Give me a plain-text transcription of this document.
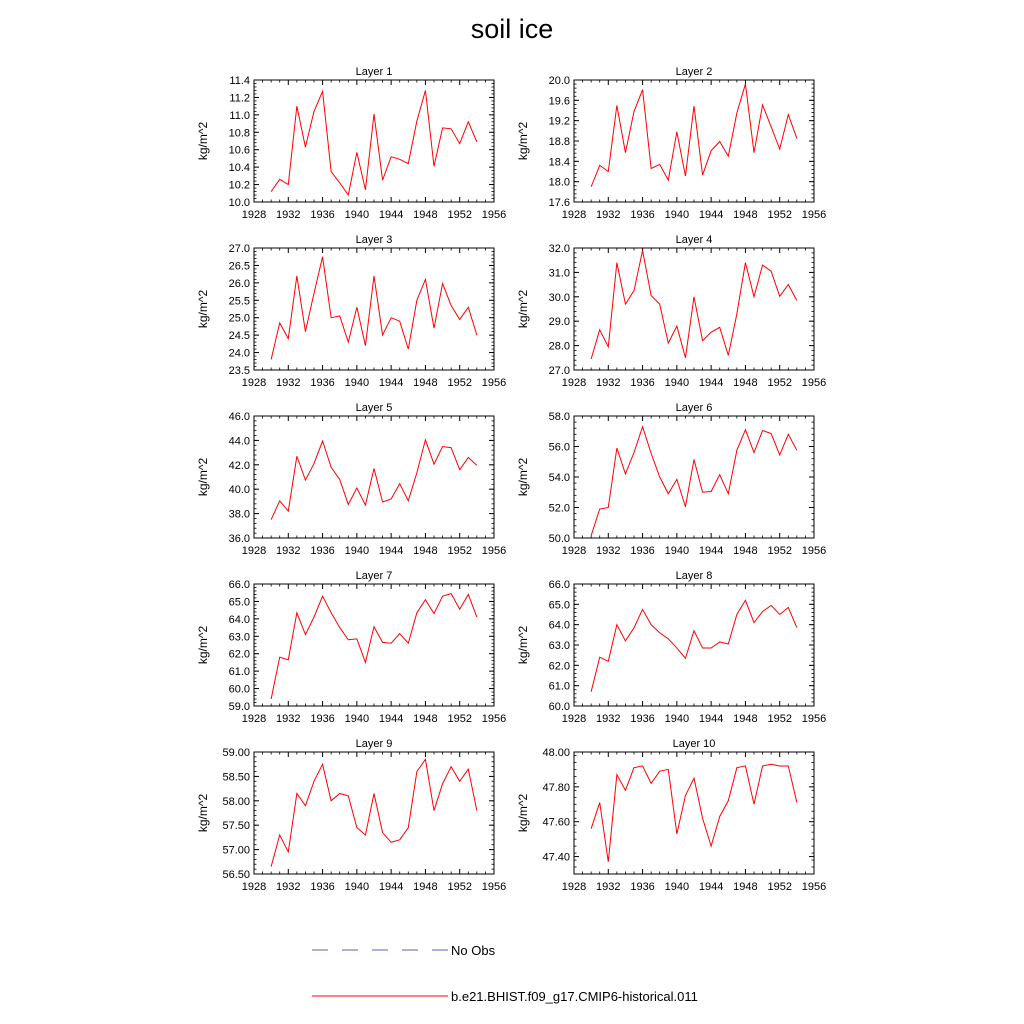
soil ice
Layer 1
1928 1932 1936 1940 1944 1948 1952 1956
10.0
10.2
10.4
10.6
10.8
11.0
11.2
11.4
kg/m^2
Layer 2
1928 1932 1936 1940 1944 1948 1952 1956
17.6
18.0
18.4
18.8
19.2
19.6
20.0
kg/m^2
Layer 3
1928 1932 1936 1940 1944 1948 1952 1956
23.5
24.0
24.5
25.0
25.5
26.0
26.5
27.0
kg/m^2
Layer 4
1928 1932 1936 1940 1944 1948 1952 1956
27.0
28.0
29.0
30.0
31.0
32.0
kg/m^2
Layer 5
1928 1932 1936 1940 1944 1948 1952 1956
36.0
38.0
40.0
42.0
44.0
46.0
kg/m^2
Layer 6
1928 1932 1936 1940 1944 1948 1952 1956
50.0
52.0
54.0
56.0
58.0
kg/m^2
Layer 7
1928 1932 1936 1940 1944 1948 1952 1956
59.0
60.0
61.0
62.0
63.0
64.0
65.0
66.0
kg/m^2
Layer 8
1928 1932 1936 1940 1944 1948 1952 1956
60.0
61.0
62.0
63.0
64.0
65.0
66.0
kg/m^2
Layer 9
1928 1932 1936 1940 1944 1948 1952 1956
56.50
57.00
57.50
58.00
58.50
59.00
kg/m^2
Layer 10
1928 1932 1936 1940 1944 1948 1952 1956
47.40
47.60
47.80
48.00
kg/m^2
No Obs
b.e21.BHIST.f09_g17.CMIP6-historical.011
